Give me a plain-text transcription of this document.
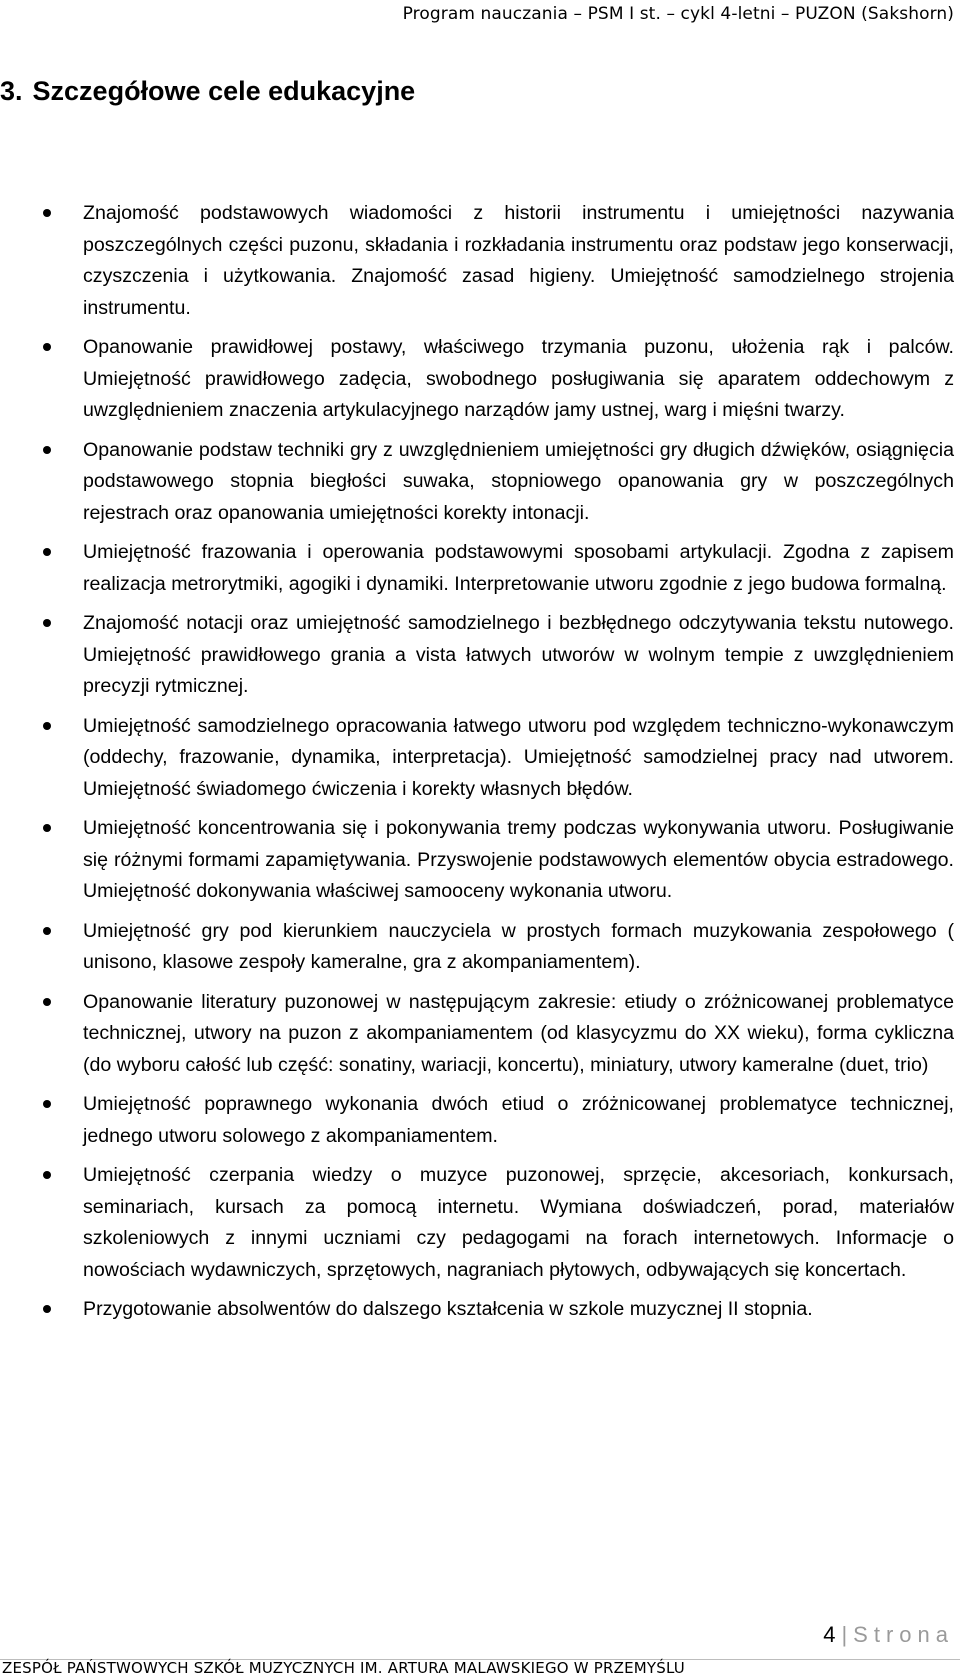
Program nauczania – PSM I st. – cykl 4-letni – PUZON (Sakshorn)
3. Szczegółowe cele edukacyjne
Znajomość podstawowych wiadomości z historii instrumentu i umiejętności nazywania poszczególnych części puzonu, składania i rozkładania instrumentu oraz podstaw jego konserwacji, czyszczenia i użytkowania. Znajomość zasad higieny. Umiejętność samodzielnego strojenia instrumentu.
Opanowanie prawidłowej postawy, właściwego trzymania puzonu, ułożenia rąk i palców. Umiejętność prawidłowego zadęcia, swobodnego posługiwania się aparatem oddechowym z uwzględnieniem znaczenia artykulacyjnego narządów jamy ustnej, warg i mięśni twarzy.
Opanowanie podstaw techniki gry z uwzględnieniem umiejętności gry długich dźwięków, osiągnięcia podstawowego stopnia biegłości suwaka, stopniowego opanowania gry w poszczególnych rejestrach oraz opanowania umiejętności korekty intonacji.
Umiejętność frazowania i operowania podstawowymi sposobami artykulacji. Zgodna z zapisem realizacja metrorytmiki, agogiki i dynamiki. Interpretowanie utworu zgodnie z jego budowa formalną.
Znajomość notacji oraz umiejętność samodzielnego i bezbłędnego odczytywania tekstu nutowego. Umiejętność prawidłowego grania a vista łatwych utworów w wolnym tempie z uwzględnieniem precyzji rytmicznej.
Umiejętność samodzielnego opracowania łatwego utworu pod względem techniczno-wykonawczym (oddechy, frazowanie, dynamika, interpretacja). Umiejętność samodzielnej pracy nad utworem. Umiejętność świadomego ćwiczenia i korekty własnych błędów.
Umiejętność koncentrowania się i pokonywania tremy podczas wykonywania utworu. Posługiwanie się różnymi formami zapamiętywania. Przyswojenie podstawowych elementów obycia estradowego. Umiejętność dokonywania właściwej samooceny wykonania utworu.
Umiejętność gry pod kierunkiem nauczyciela w prostych formach muzykowania zespołowego ( unisono, klasowe zespoły kameralne, gra z akompaniamentem).
Opanowanie literatury puzonowej w następującym zakresie: etiudy o zróżnicowanej problematyce technicznej, utwory na puzon z akompaniamentem (od klasycyzmu do XX wieku), forma cykliczna (do wyboru całość lub część: sonatiny, wariacji, koncertu), miniatury, utwory kameralne (duet, trio)
Umiejętność poprawnego wykonania dwóch etiud o zróżnicowanej problematyce technicznej, jednego utworu solowego z akompaniamentem.
Umiejętność czerpania wiedzy o muzyce puzonowej, sprzęcie, akcesoriach, konkursach, seminariach, kursach za pomocą internetu. Wymiana doświadczeń, porad, materiałów szkoleniowych z innymi uczniami czy pedagogami na forach internetowych. Informacje o nowościach wydawniczych, sprzętowych, nagraniach płytowych, odbywających się koncertach.
Przygotowanie absolwentów do dalszego kształcenia w szkole muzycznej II stopnia.
4 | Strona
ZESPÓŁ PAŃSTWOWYCH SZKÓŁ MUZYCZNYCH IM. ARTURA MALAWSKIEGO W PRZEMYŚLU
